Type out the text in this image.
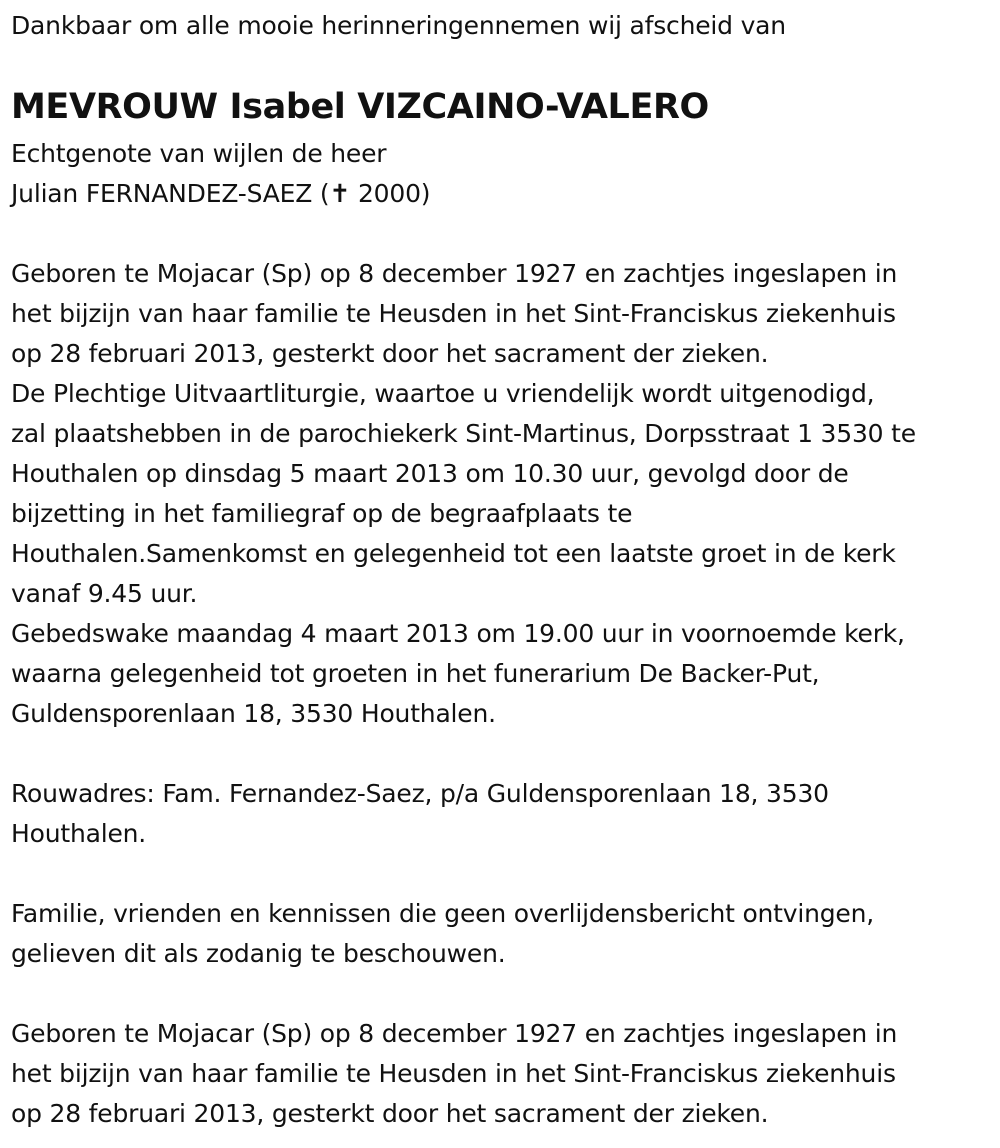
Dankbaar om alle mooie herinneringennemen wij afscheid van
MEVROUW Isabel VIZCAINO-VALERO
Echtgenote van wijlen de heer
Julian FERNANDEZ-SAEZ (✝ 2000)
Geboren te Mojacar (Sp) op 8 december 1927 en zachtjes ingeslapen in
het bijzijn van haar familie te Heusden in het Sint-Franciskus ziekenhuis
op 28 februari 2013, gesterkt door het sacrament der zieken.
De Plechtige Uitvaartliturgie, waartoe u vriendelijk wordt uitgenodigd,
zal plaatshebben in de parochiekerk Sint-Martinus, Dorpsstraat 1 3530 te
Houthalen op dinsdag 5 maart 2013 om 10.30 uur, gevolgd door de
bijzetting in het familiegraf op de begraafplaats te
Houthalen.Samenkomst en gelegenheid tot een laatste groet in de kerk
vanaf 9.45 uur.
Gebedswake maandag 4 maart 2013 om 19.00 uur in voornoemde kerk,
waarna gelegenheid tot groeten in het funerarium De Backer-Put,
Guldensporenlaan 18, 3530 Houthalen.
Rouwadres: Fam. Fernandez-Saez, p/a Guldensporenlaan 18, 3530
Houthalen.
Familie, vrienden en kennissen die geen overlijdensbericht ontvingen,
gelieven dit als zodanig te beschouwen.
Geboren te Mojacar (Sp) op 8 december 1927 en zachtjes ingeslapen in
het bijzijn van haar familie te Heusden in het Sint-Franciskus ziekenhuis
op 28 februari 2013, gesterkt door het sacrament der zieken.
